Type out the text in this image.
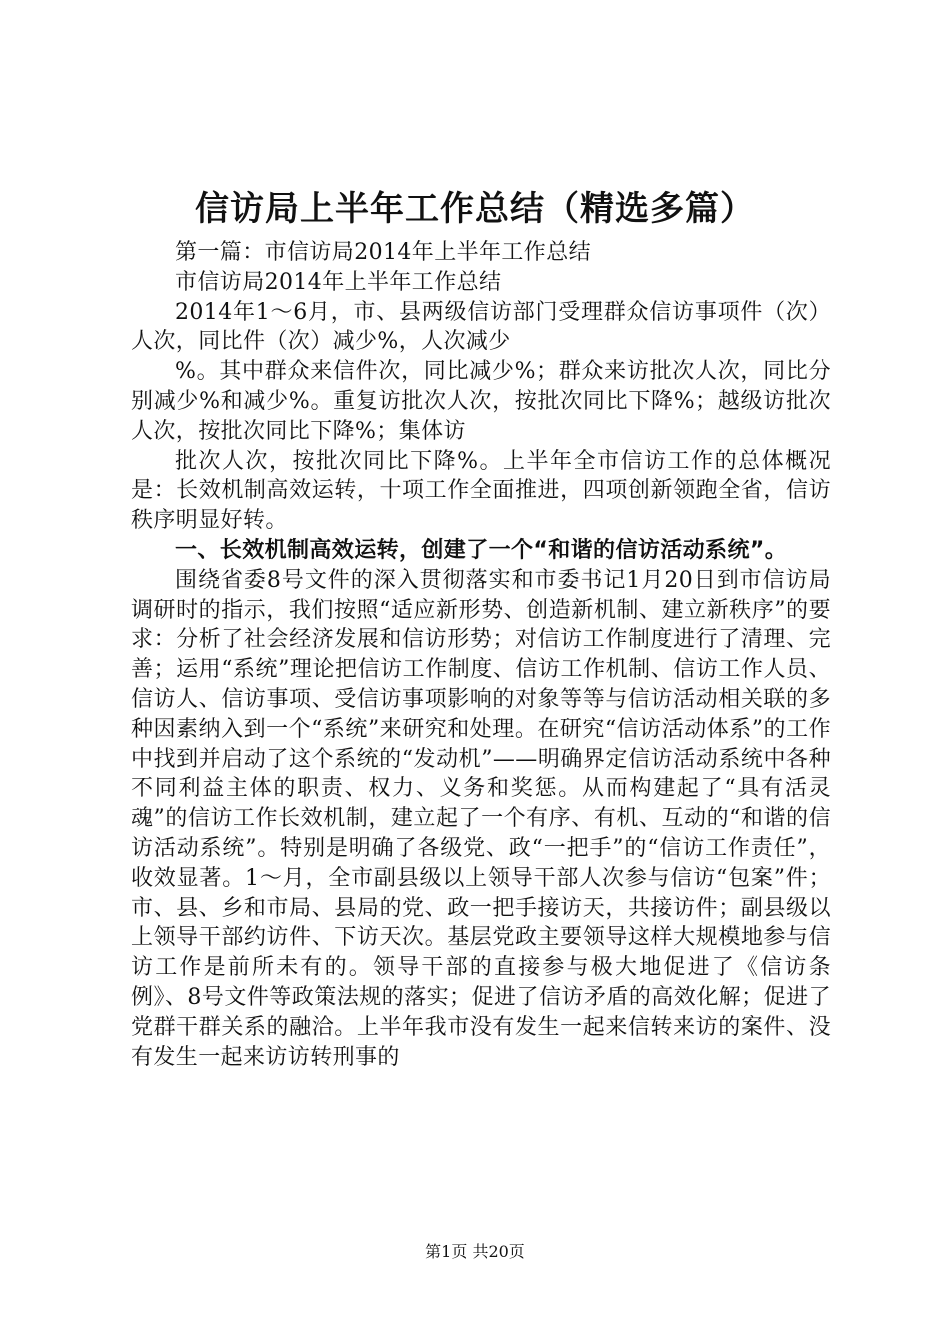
信访局上半年工作总结（精选多篇）

第一篇：市信访局2014年上半年工作总结

市信访局2014年上半年工作总结

2014年1～6月，市、县两级信访部门受理群众信访事项件（次）人次，同比件（次）减少%，人次减少

%。其中群众来信件次，同比减少%；群众来访批次人次，同比分别减少%和减少%。重复访批次人次，按批次同比下降%；越级访批次人次，按批次同比下降%；集体访

批次人次，按批次同比下降%。上半年全市信访工作的总体概况是：长效机制高效运转，十项工作全面推进，四项创新领跑全省，信访秩序明显好转。

一、长效机制高效运转，创建了一个“和谐的信访活动系统”。

围绕省委8号文件的深入贯彻落实和市委书记1月20日到市信访局调研时的指示，我们按照“适应新形势、创造新机制、建立新秩序”的要求：分析了社会经济发展和信访形势；对信访工作制度进行了清理、完善；运用“系统”理论把信访工作制度、信访工作机制、信访工作人员、信访人、信访事项、受信访事项影响的对象等等与信访活动相关联的多种因素纳入到一个“系统”来研究和处理。在研究“信访活动体系”的工作中找到并启动了这个系统的“发动机”——明确界定信访活动系统中各种不同利益主体的职责、权力、义务和奖惩。从而构建起了“具有活灵魂”的信访工作长效机制，建立起了一个有序、有机、互动的“和谐的信访活动系统”。特别是明确了各级党、政“一把手”的“信访工作责任”，收效显著。1～月，全市副县级以上领导干部人次参与信访“包案”件；市、县、乡和市局、县局的党、政一把手接访天，共接访件；副县级以上领导干部约访件、下访天次。基层党政主要领导这样大规模地参与信访工作是前所未有的。领导干部的直接参与极大地促进了《信访条例》、8号文件等政策法规的落实；促进了信访矛盾的高效化解；促进了党群干群关系的融洽。上半年我市没有发生一起来信转来访的案件、没有发生一起来访访转刑事的

第1页 共20页
